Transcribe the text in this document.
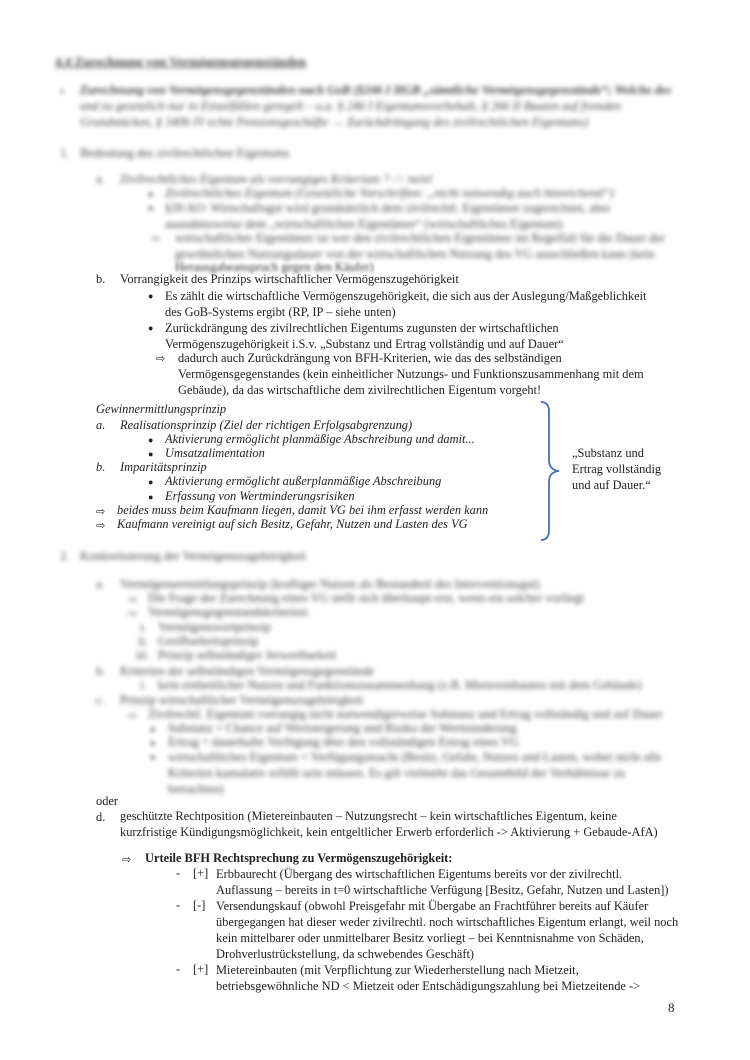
4.4 Zurechnung von Vermögensgegenständen
• Zurechnung von Vermögensgegenständen nach GoB (§246 I HGB „sämtliche Vermögensgegenstände“; Welche des
und zu gesetzlich nur in Einzelfällen geregelt – u.a. § 246 I Eigentumsvorbehalt, § 266 II Bauten auf fremden
Grundstücken, § 340b IV echte Pensionsgeschäfte → Zurückdrängung des zivilrechtlichen Eigentums)
1. Bedeutung des zivilrechtlichen Eigentums
a. Zivilrechtliches Eigentum als vorrangiges Kriterium ? -> nein!
● Zivilrechtliches Eigentum (Gesetzliche Vorschriften: „nicht notwendig auch hinreichend“)
● §39 AO: Wirtschaftsgut wird grundsätzlich dem zivilrechtl. Eigentümer zugerechnet, aber
ausnahmsweise dem „wirtschaftlichen Eigentümer“ (wirtschaftliches Eigentum)
⇨ wirtschaftlicher Eigentümer ist wer den zivilrechtlichen Eigentümer im Regelfall für die Dauer der
gewöhnlichen Nutzungsdauer von der wirtschaftlichen Nutzung des VG ausschließen kann (kein
Herausgabeanspruch gegen den Käufer)
b. Vorrangigkeit des Prinzips wirtschaftlicher Vermögenszugehörigkeit
● Es zählt die wirtschaftliche Vermögenszugehörigkeit, die sich aus der Auslegung/Maßgeblichkeit
des GoB-Systems ergibt (RP, IP – siehe unten)
● Zurückdrängung des zivilrechtlichen Eigentums zugunsten der wirtschaftlichen
Vermögenszugehörigkeit i.S.v. „Substanz und Ertrag vollständig und auf Dauer“
⇨ dadurch auch Zurückdrängung von BFH-Kriterien, wie das des selbständigen
Vermögensgegenstandes (kein einheitlicher Nutzungs- und Funktionszusammenhang mit dem
Gebäude), da das wirtschaftliche dem zivilrechtlichen Eigentum vorgeht!
Gewinnermittlungsprinzip
a. Realisationsprinzip (Ziel der richtigen Erfolgsabgrenzung)
● Aktivierung ermöglicht planmäßige Abschreibung und damit...
● Umsatzalimentation
b. Imparitätsprinzip
● Aktivierung ermöglicht außerplanmäßige Abschreibung
● Erfassung von Wertminderungsrisiken
⇨ beides muss beim Kaufmann liegen, damit VG bei ihm erfasst werden kann
⇨ Kaufmann vereinigt auf sich Besitz, Gefahr, Nutzen und Lasten des VG
„Substanz und
Ertrag vollständig
und auf Dauer.“
2. Konkretisierung der Vermögenszugehörigkeit
a. Vermögensermittlungsprinzip (kraftiger Nutzen als Bestandteil des Interventionsgut)
⇨ Die Frage der Zurechnung eines VG stellt sich überhaupt erst, wenn ein solcher vorliegt
⇨ Vermögensgegenstandskriterien:
i. Vermögenswertprinzip
ii. Greifbarkeitsprinzip
iii. Prinzip selbständiger Jerwertbarkeit
b. Kriterien der selbständigen Vermögensgegenstände
i. kein einheitlicher Nutzen und Funktionszusammenhang (z.B. Mietereinbauten mit dem Gebäude)
c. Prinzip wirtschaftlicher Vermögenszugehörigkeit
⇨ Zivilrechtl. Eigentum vorrangig nicht notwendigerweise Substanz und Ertrag vollständig und auf Dauer
● Substanz = Chance auf Wertsteigerung und Risiko der Wertminderung
● Ertrag = dauerhafte Verfügung über den vollständigen Ertrag eines VG
● wirtschaftliches Eigentum = Verfügungsmacht (Besitz, Gefahr, Nutzen und Lasten, wobei nicht alle
Kriterien kumulativ erfüllt sein müssen. Es gilt vielmehr das Gesamtbild der Verhältnisse zu
betrachten)
oder
d. geschützte Rechtposition (Mietereinbauten – Nutzungsrecht – kein wirtschaftliches Eigentum, keine
kurzfristige Kündigungsmöglichkeit, kein entgeltlicher Erwerb erforderlich -> Aktivierung + Gebaude-AfA)
⇨ Urteile BFH Rechtsprechung zu Vermögenszugehörigkeit:
- [+] Erbbaurecht (Übergang des wirtschaftlichen Eigentums bereits vor der zivilrechtl.
Auflassung – bereits in t=0 wirtschaftliche Verfügung [Besitz, Gefahr, Nutzen und Lasten])
- [-] Versendungskauf (obwohl Preisgefahr mit Übergabe an Frachtführer bereits auf Käufer
übergegangen hat dieser weder zivilrechtl. noch wirtschaftliches Eigentum erlangt, weil noch
kein mittelbarer oder unmittelbarer Besitz vorliegt – bei Kenntnisnahme von Schäden,
Drohverlustrückstellung, da schwebendes Geschäft)
- [+] Mietereinbauten (mit Verpflichtung zur Wiederherstellung nach Mietzeit,
betriebsgewöhnliche ND < Mietzeit oder Entschädigungszahlung bei Mietzeitende ->
8
